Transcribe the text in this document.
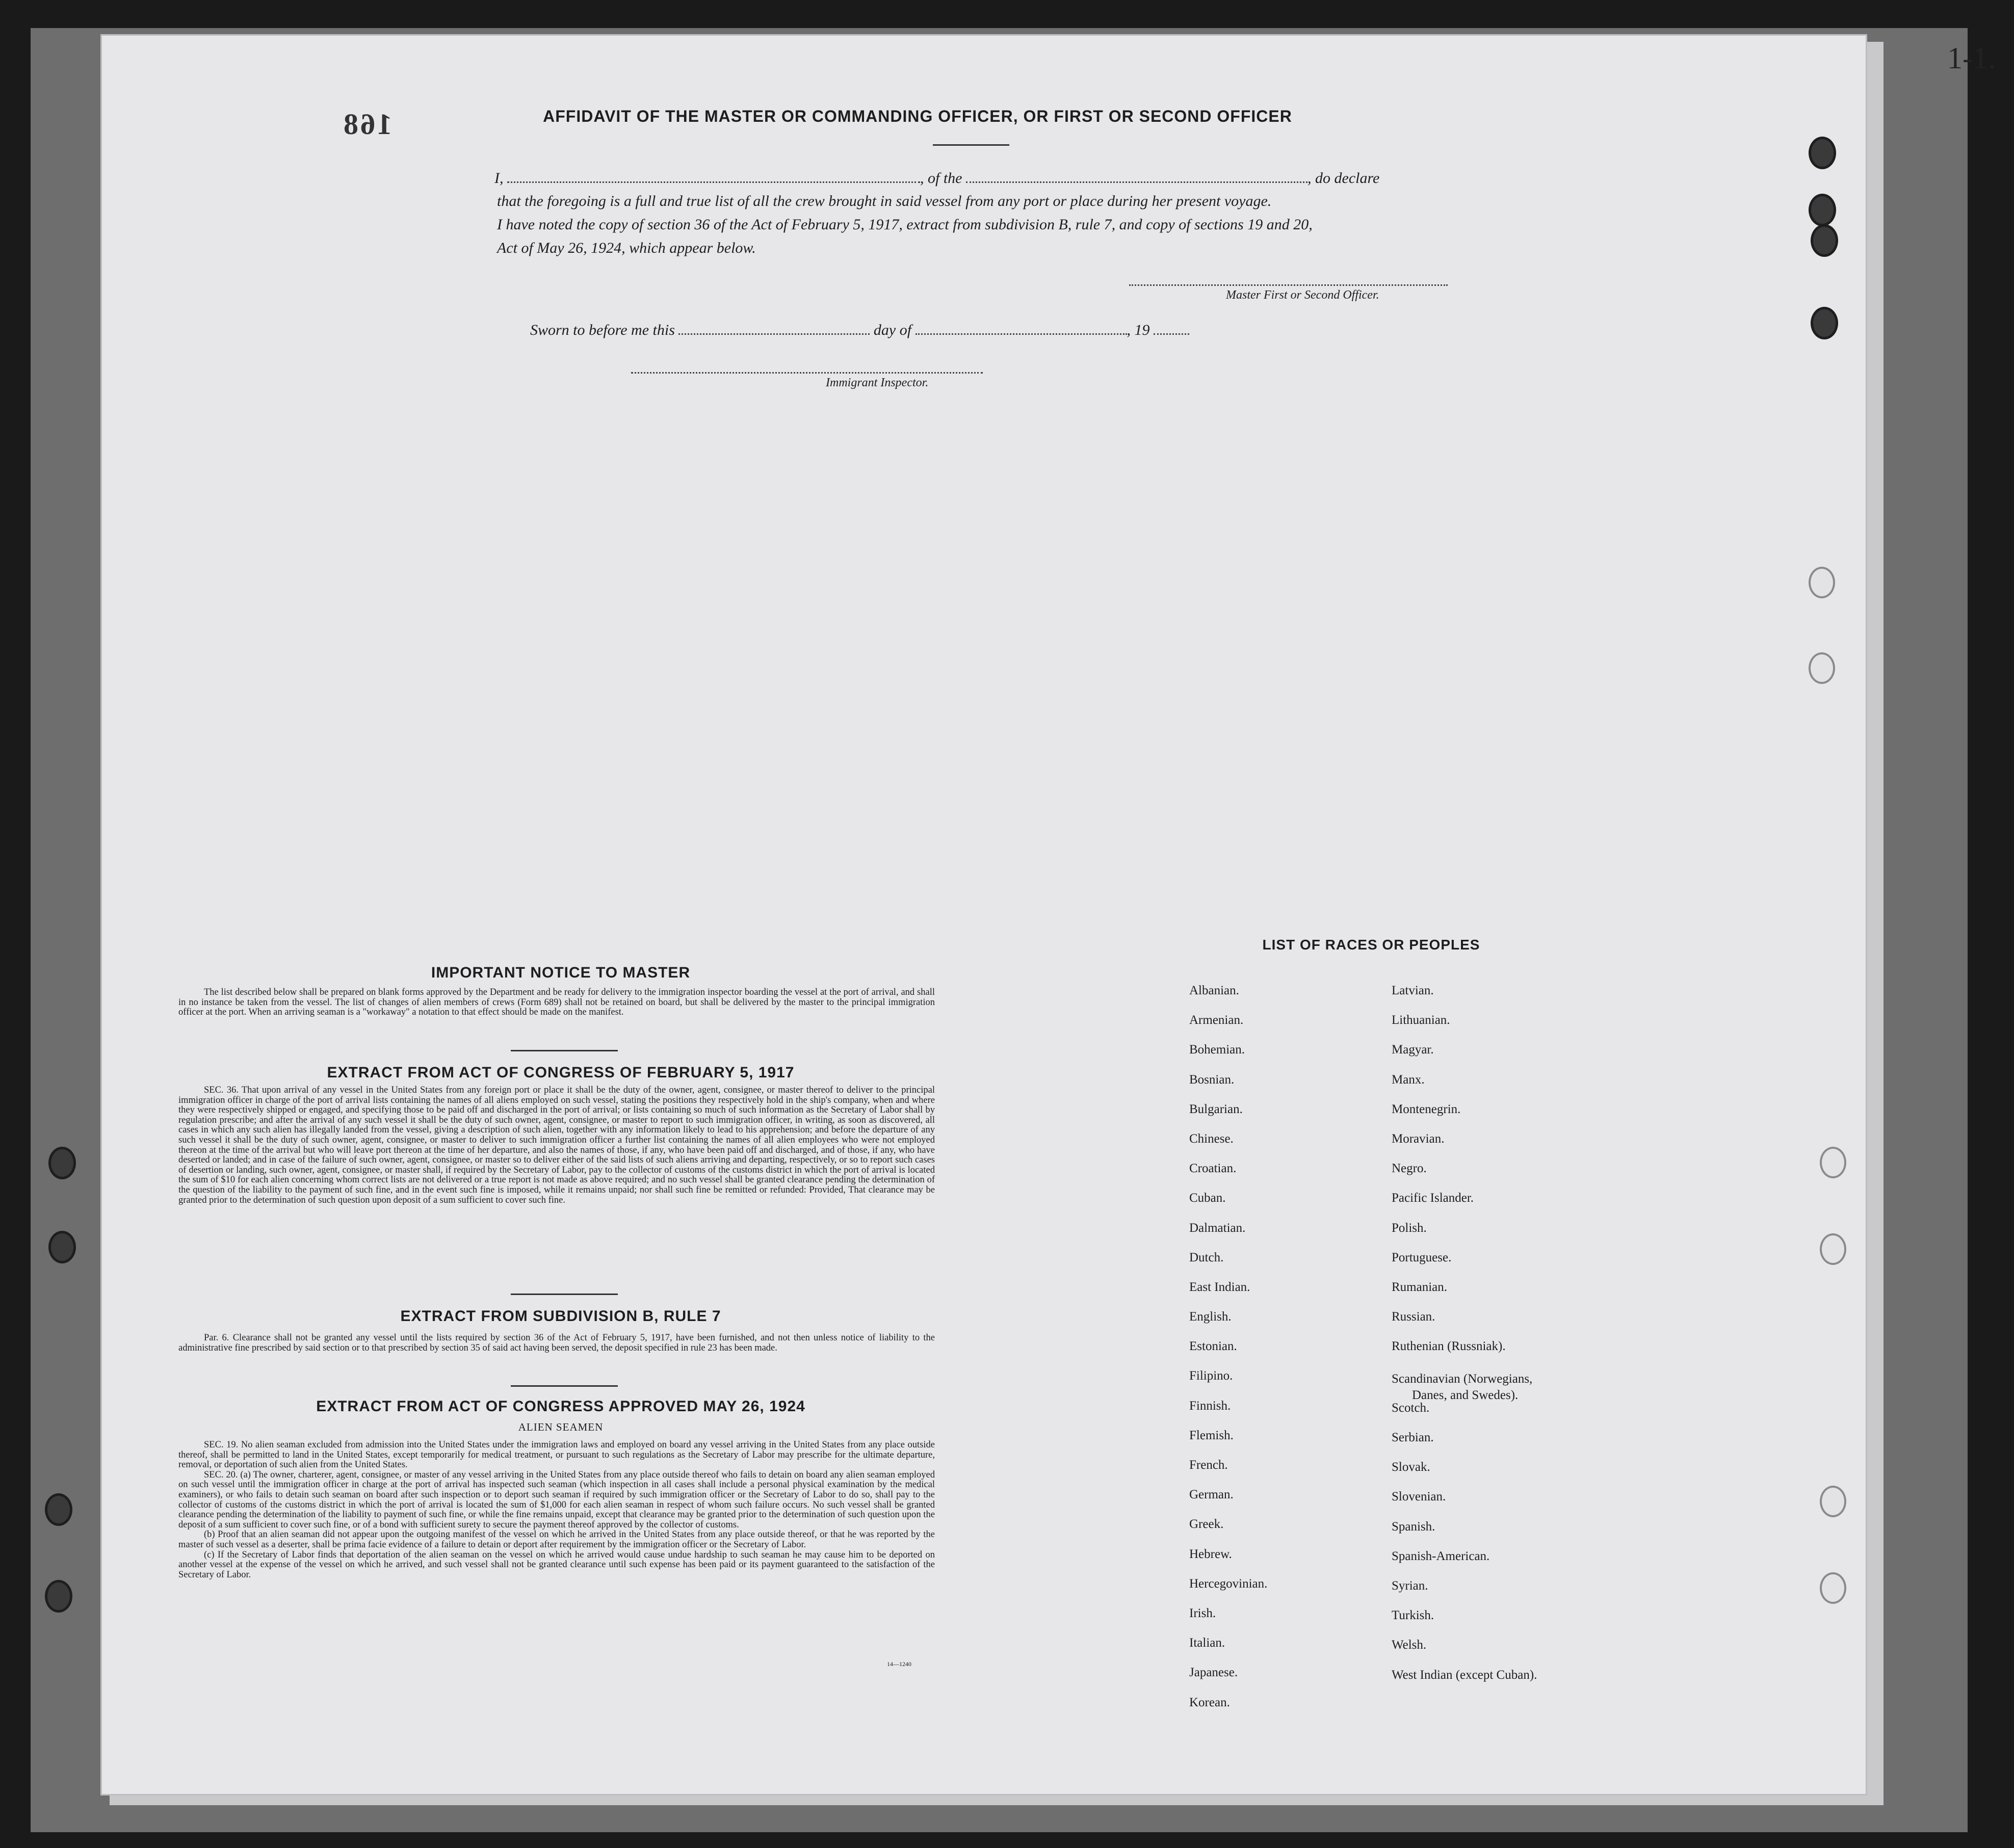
1-1.
168	AFFIDAVIT OF THE MASTER OR COMMANDING OFFICER, OR FIRST OR SECOND OFFICER
I,	, of the	, do declare
that the foregoing is a full and true list of all the crew brought in said vessel from any port or place during her present voyage.
I have noted the copy of section 36 of the Act of February 5, 1917, extract from subdivision B, rule 7, and copy of sections 19 and 20,
Act of May 26, 1924, which appear below.
Master First or Second Officer.
Sworn to before me this	day of	, 19
Immigrant Inspector.
IMPORTANT NOTICE TO MASTER

The list described below shall be prepared on blank forms approved by the Department and be ready for delivery to the immigration inspector boarding the vessel at the port of arrival, and shall in no instance be taken from the vessel. The list of changes of alien members of crews (Form 689) shall not be retained on board, but shall be delivered by the master to the principal immigration officer at the port. When an arriving seaman is a "workaway" a notation to that effect should be made on the manifest.

EXTRACT FROM ACT OF CONGRESS OF FEBRUARY 5, 1917

SEC. 36. That upon arrival of any vessel in the United States from any foreign port or place it shall be the duty of the owner, agent, consignee, or master thereof to deliver to the principal immigration officer in charge of the port of arrival lists containing the names of all aliens employed on such vessel, stating the positions they respectively hold in the ship's company, when and where they were respectively shipped or engaged, and specifying those to be paid off and discharged in the port of arrival; or lists containing so much of such information as the Secretary of Labor shall by regulation prescribe; and after the arrival of any such vessel it shall be the duty of such owner, agent, consignee, or master to report to such immigration officer, in writing, as soon as discovered, all cases in which any such alien has illegally landed from the vessel, giving a description of such alien, together with any information likely to lead to his apprehension; and before the departure of any such vessel it shall be the duty of such owner, agent, consignee, or master to deliver to such immigration officer a further list containing the names of all alien employees who were not employed thereon at the time of the arrival but who will leave port thereon at the time of her departure, and also the names of those, if any, who have been paid off and discharged, and of those, if any, who have deserted or landed; and in case of the failure of such owner, agent, consignee, or master so to deliver either of the said lists of such aliens arriving and departing, respectively, or so to report such cases of desertion or landing, such owner, agent, consignee, or master shall, if required by the Secretary of Labor, pay to the collector of customs of the customs district in which the port of arrival is located the sum of $10 for each alien concerning whom correct lists are not delivered or a true report is not made as above required; and no such vessel shall be granted clearance pending the determination of the question of the liability to the payment of such fine, and in the event such fine is imposed, while it remains unpaid; nor shall such fine be remitted or refunded: Provided, That clearance may be granted prior to the determination of such question upon deposit of a sum sufficient to cover such fine.

EXTRACT FROM SUBDIVISION B, RULE 7

Par. 6. Clearance shall not be granted any vessel until the lists required by section 36 of the Act of February 5, 1917, have been furnished, and not then unless notice of liability to the administrative fine prescribed by said section or to that prescribed by section 35 of said act having been served, the deposit specified in rule 23 has been made.

EXTRACT FROM ACT OF CONGRESS APPROVED MAY 26, 1924
ALIEN SEAMEN

SEC. 19. No alien seaman excluded from admission into the United States under the immigration laws and employed on board any vessel arriving in the United States from any place outside thereof, shall be permitted to land in the United States, except temporarily for medical treatment, or pursuant to such regulations as the Secretary of Labor may prescribe for the ultimate departure, removal, or deportation of such alien from the United States.

SEC. 20. (a) The owner, charterer, agent, consignee, or master of any vessel arriving in the United States from any place outside thereof who fails to detain on board any alien seaman employed on such vessel until the immigration officer in charge at the port of arrival has inspected such seaman (which inspection in all cases shall include a personal physical examination by the medical examiners), or who fails to detain such seaman on board after such inspection or to deport such seaman if required by such immigration officer or the Secretary of Labor to do so, shall pay to the collector of customs of the customs district in which the port of arrival is located the sum of $1,000 for each alien seaman in respect of whom such failure occurs. No such vessel shall be granted clearance pending the determination of the liability to payment of such fine, or while the fine remains unpaid, except that clearance may be granted prior to the determination of such question upon the deposit of a sum sufficient to cover such fine, or of a bond with sufficient surety to secure the payment thereof approved by the collector of customs.

(b) Proof that an alien seaman did not appear upon the outgoing manifest of the vessel on which he arrived in the United States from any place outside thereof, or that he was reported by the master of such vessel as a deserter, shall be prima facie evidence of a failure to detain or deport after requirement by the immigration officer or the Secretary of Labor.

(c) If the Secretary of Labor finds that deportation of the alien seaman on the vessel on which he arrived would cause undue hardship to such seaman he may cause him to be deported on another vessel at the expense of the vessel on which he arrived, and such vessel shall not be granted clearance until such expense has been paid or its payment guaranteed to the satisfaction of the Secretary of Labor.

14—1240
LIST OF RACES OR PEOPLES
Albanian.
Armenian.
Bohemian.
Bosnian.
Bulgarian.
Chinese.
Croatian.
Cuban.
Dalmatian.
Dutch.
East Indian.
English.
Estonian.
Filipino.
Finnish.
Flemish.
French.
German.
Greek.
Hebrew.
Hercegovinian.
Irish.
Italian.
Japanese.
Korean.
Latvian.
Lithuanian.
Magyar.
Manx.
Montenegrin.
Moravian.
Negro.
Pacific Islander.
Polish.
Portuguese.
Rumanian.
Russian.
Ruthenian (Russniak).
Scandinavian (Norwegians,
Danes, and Swedes).
Scotch.
Serbian.
Slovak.
Slovenian.
Spanish.
Spanish-American.
Syrian.
Turkish.
Welsh.
West Indian (except Cuban).
